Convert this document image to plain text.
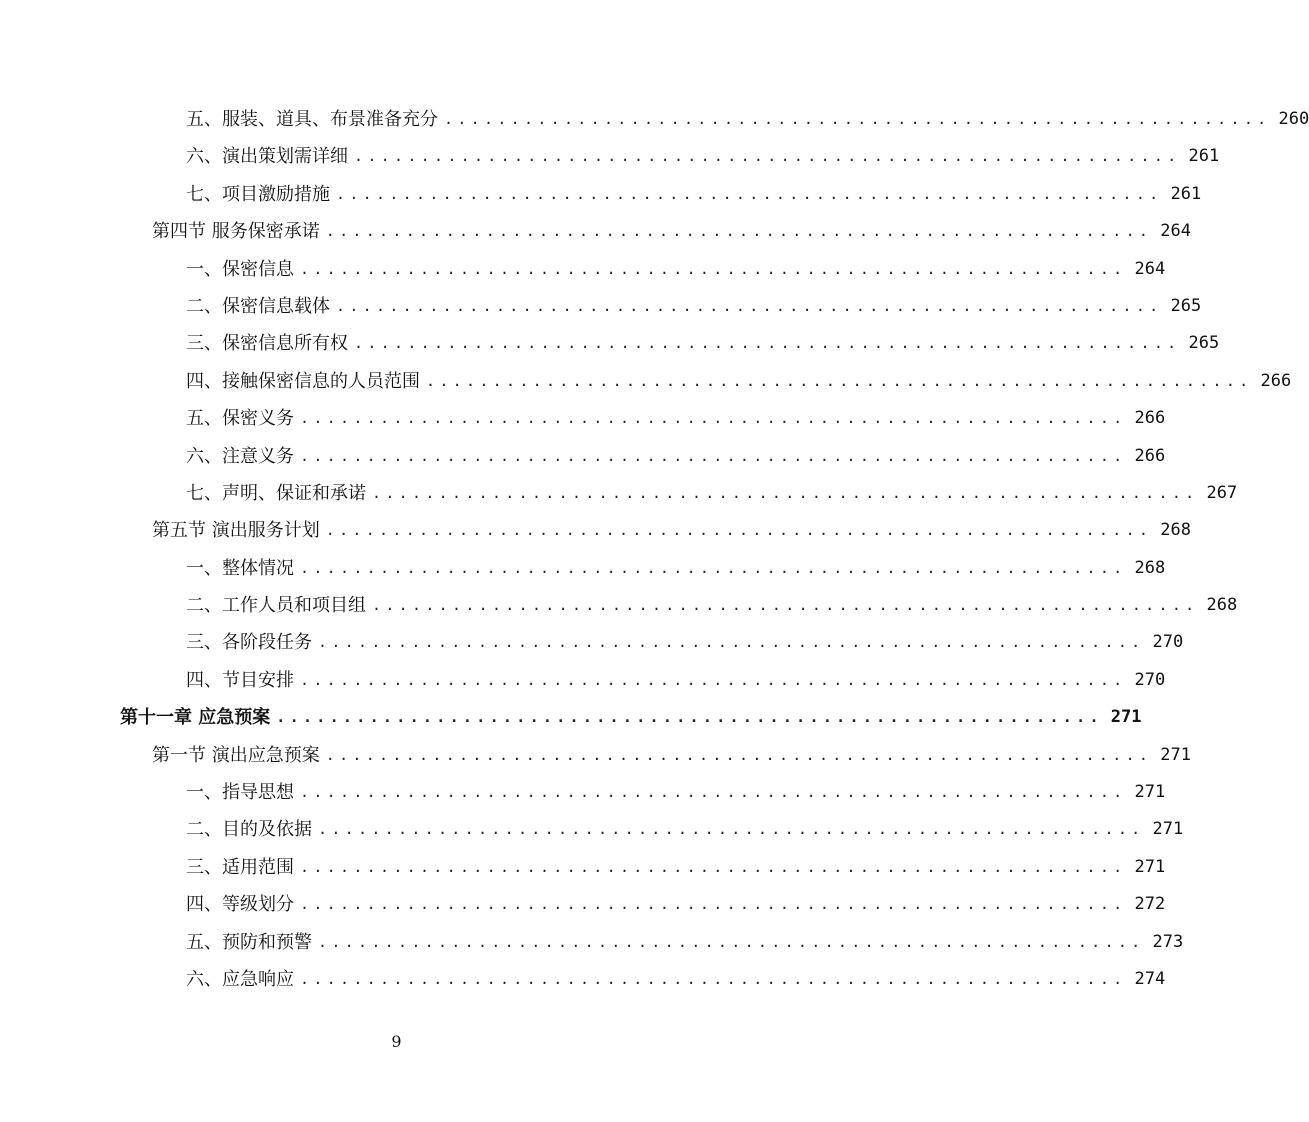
五、服装、道具、布景准备充分 .............................................................. 260
六、演出策划需详细 .............................................................. 261
七、项目激励措施 .............................................................. 261
第四节 服务保密承诺 .............................................................. 264
一、保密信息 .............................................................. 264
二、保密信息载体 .............................................................. 265
三、保密信息所有权 .............................................................. 265
四、接触保密信息的人员范围 .............................................................. 266
五、保密义务 .............................................................. 266
六、注意义务 .............................................................. 266
七、声明、保证和承诺 .............................................................. 267
第五节 演出服务计划 .............................................................. 268
一、整体情况 .............................................................. 268
二、工作人员和项目组 .............................................................. 268
三、各阶段任务 .............................................................. 270
四、节目安排 .............................................................. 270
第十一章 应急预案 .............................................................. 271
第一节 演出应急预案 .............................................................. 271
一、指导思想 .............................................................. 271
二、目的及依据 .............................................................. 271
三、适用范围 .............................................................. 271
四、等级划分 .............................................................. 272
五、预防和预警 .............................................................. 273
六、应急响应 .............................................................. 274
9
